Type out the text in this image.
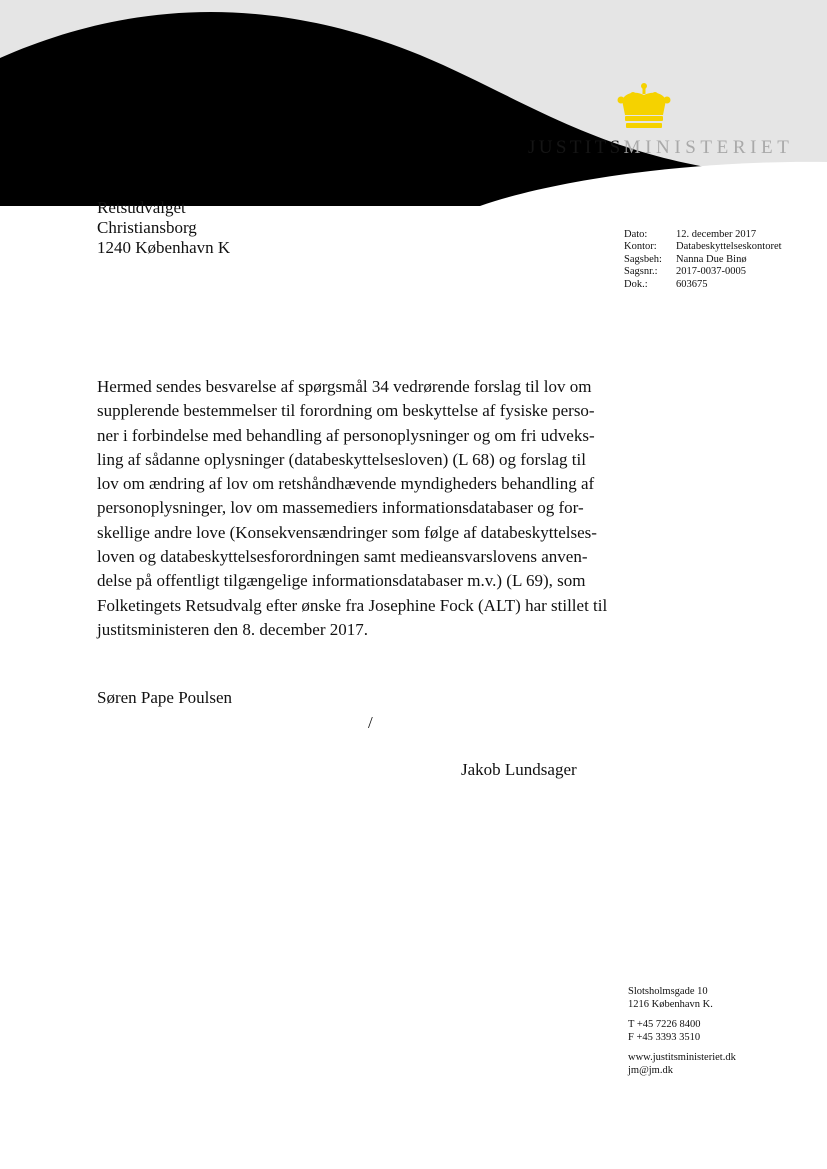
JUSTITSMINISTERIET
Retsudvalget
Christiansborg
1240 København K
Dato:	12. december 2017
Kontor:	Databeskyttelseskontoret
Sagsbeh:	Nanna Due Binø
Sagsnr.:	2017-0037-0005
Dok.:	603675
Hermed sendes besvarelse af spørgsmål 34 vedrørende forslag til lov om
supplerende bestemmelser til forordning om beskyttelse af fysiske perso-
ner i forbindelse med behandling af personoplysninger og om fri udveks-
ling af sådanne oplysninger (databeskyttelsesloven) (L 68) og forslag til
lov om ændring af lov om retshåndhævende myndigheders behandling af
personoplysninger, lov om massemediers informationsdatabaser og for-
skellige andre love (Konsekvensændringer som følge af databeskyttelses-
loven og databeskyttelsesforordningen samt medieansvarslovens anven-
delse på offentligt tilgængelige informationsdatabaser m.v.) (L 69), som
Folketingets Retsudvalg efter ønske fra Josephine Fock (ALT) har stillet til
justitsministeren den 8. december 2017.
Søren Pape Poulsen
/
Jakob Lundsager
Slotsholmsgade 10
1216 København K.
T +45 7226 8400
F +45 3393 3510
www.justitsministeriet.dk
jm@jm.dk
